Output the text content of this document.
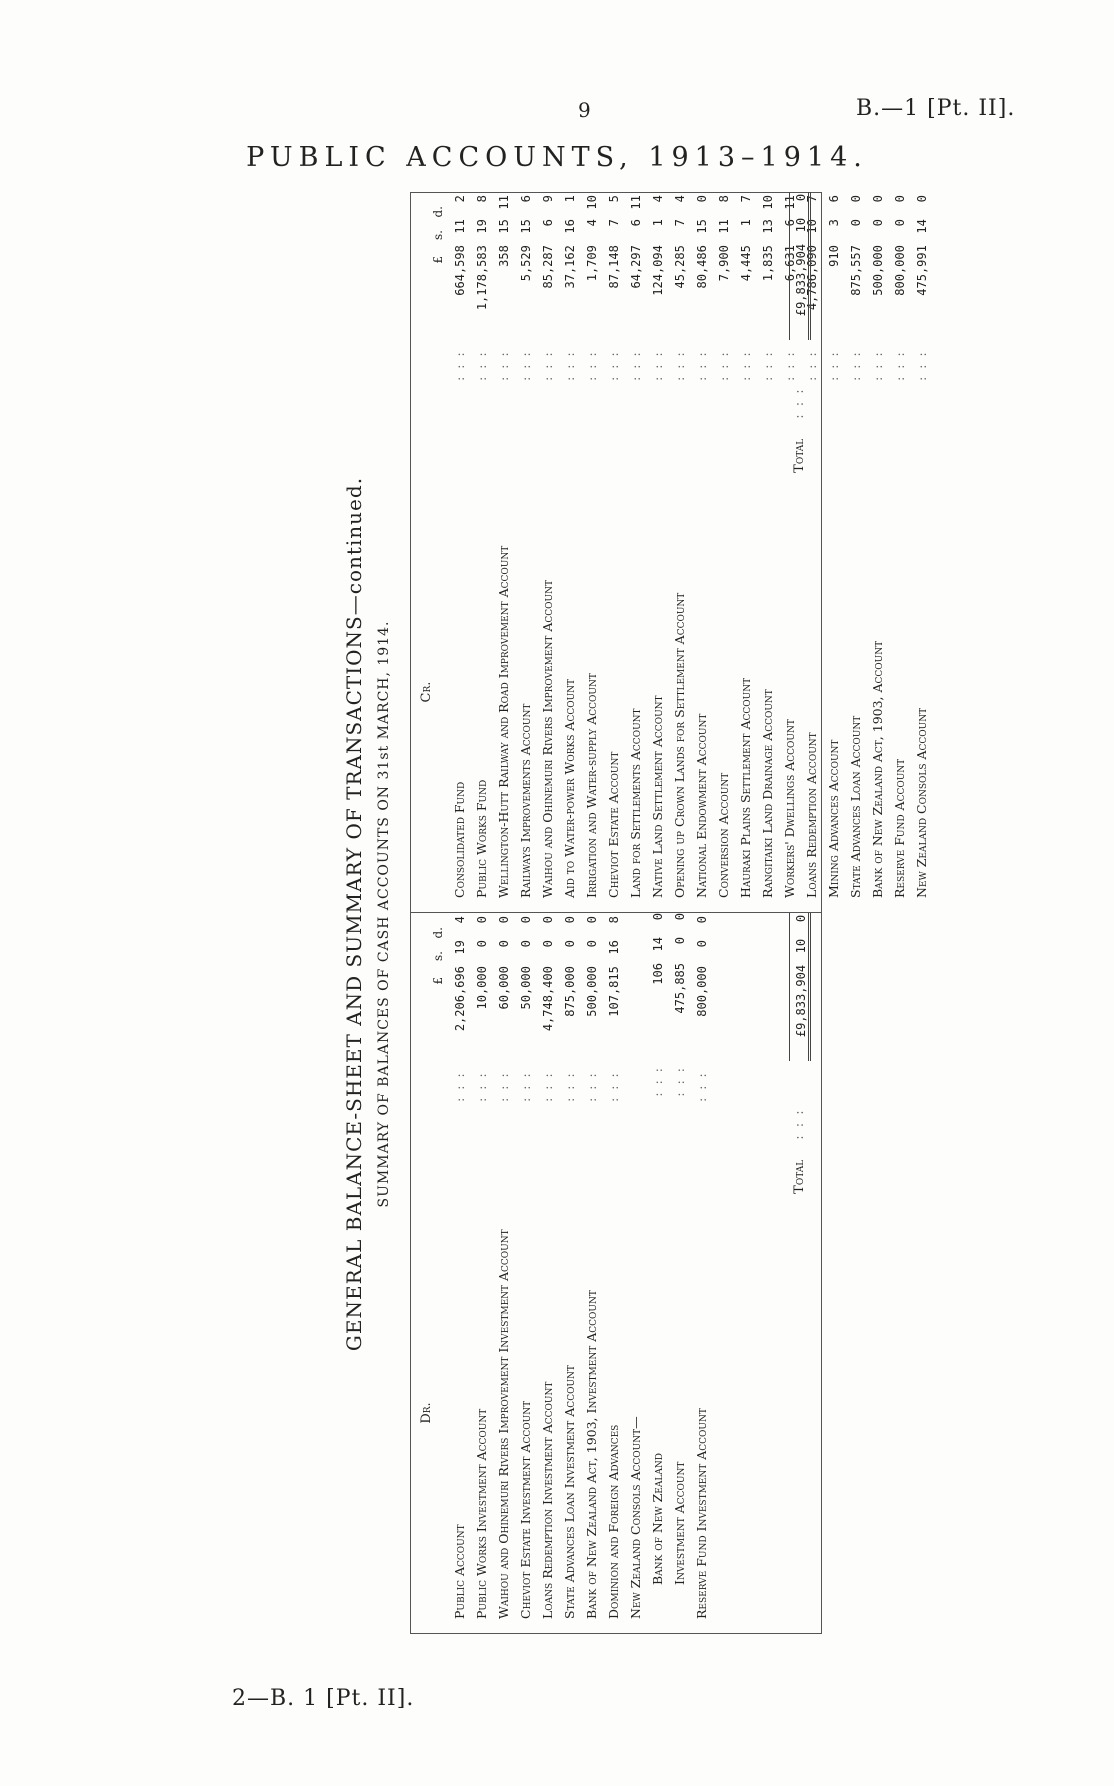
9	B.—1 [Pt. II].
PUBLIC ACCOUNTS, 1913–1914.
GENERAL BALANCE-SHEET AND SUMMARY OF TRANSACTIONS—continued. SUMMARY OF BALANCES OF CASH ACCOUNTS ON 31st MARCH, 1914.
Dr.
£
s.
d.
Public Account
: : :
2,206,696
19
4
Public Works Investment Account
: : :
10,000
0
0
Waihou and Ohinemuri Rivers Improvement Investment Account
: : :
60,000
0
0
Cheviot Estate Investment Account
: : :
50,000
0
0
Loans Redemption Investment Account
: : :
4,748,400
0
0
State Advances Loan Investment Account
: : :
875,000
0
0
Bank of New Zealand Act, 1903, Investment Account
: : :
500,000
0
0
Dominion and Foreign Advances
: : :
107,815
16
8
New Zealand Consols Account— Bank of New Zealand
: : :
106
14
0
Investment Account
: : :
475,885
0
0
Reserve Fund Investment Account
: : :
800,000
0
0
Total
: : :
£9,833,904
10
0
Cr.
£
s.
d.
Consolidated Fund
: : :
664,598
11
2
Public Works Fund
: : :
1,178,583
19
8
Wellington-Hutt Railway and Road Improvement Account
: : :
358
15
11
Railways Improvements Account
: : :
5,529
15
6
Waihou and Ohinemuri Rivers Improvement Account
: : :
85,287
6
9
Aid to Water-power Works Account
: : :
37,162
16
1
Irrigation and Water-supply Account
: : :
1,709
4
10
Cheviot Estate Account
: : :
87,148
7
5
Land for Settlements Account
: : :
64,297
6
11
Native Land Settlement Account
: : :
124,094
1
4
Opening up Crown Lands for Settlement Account
: : :
45,285
7
4
National Endowment Account
: : :
80,486
15
0
Conversion Account
: : :
7,900
11
8
Hauraki Plains Settlement Account
: : :
4,445
1
7
Rangitaiki Land Drainage Account
: : :
1,835
13
10
Workers' Dwellings Account
: : :
6,631
6
11
Loans Redemption Account
: : :
4,786,090
10
7
Mining Advances Account
: : :
910
3
6
State Advances Loan Account
: : :
875,557
0
0
Bank of New Zealand Act, 1903, Account
: : :
500,000
0
0
Reserve Fund Account
: : :
800,000
0
0
New Zealand Consols Account
: : :
475,991
14
0
Total
: : :
£9,833,904
10
0
2—B. 1 [Pt. II].
